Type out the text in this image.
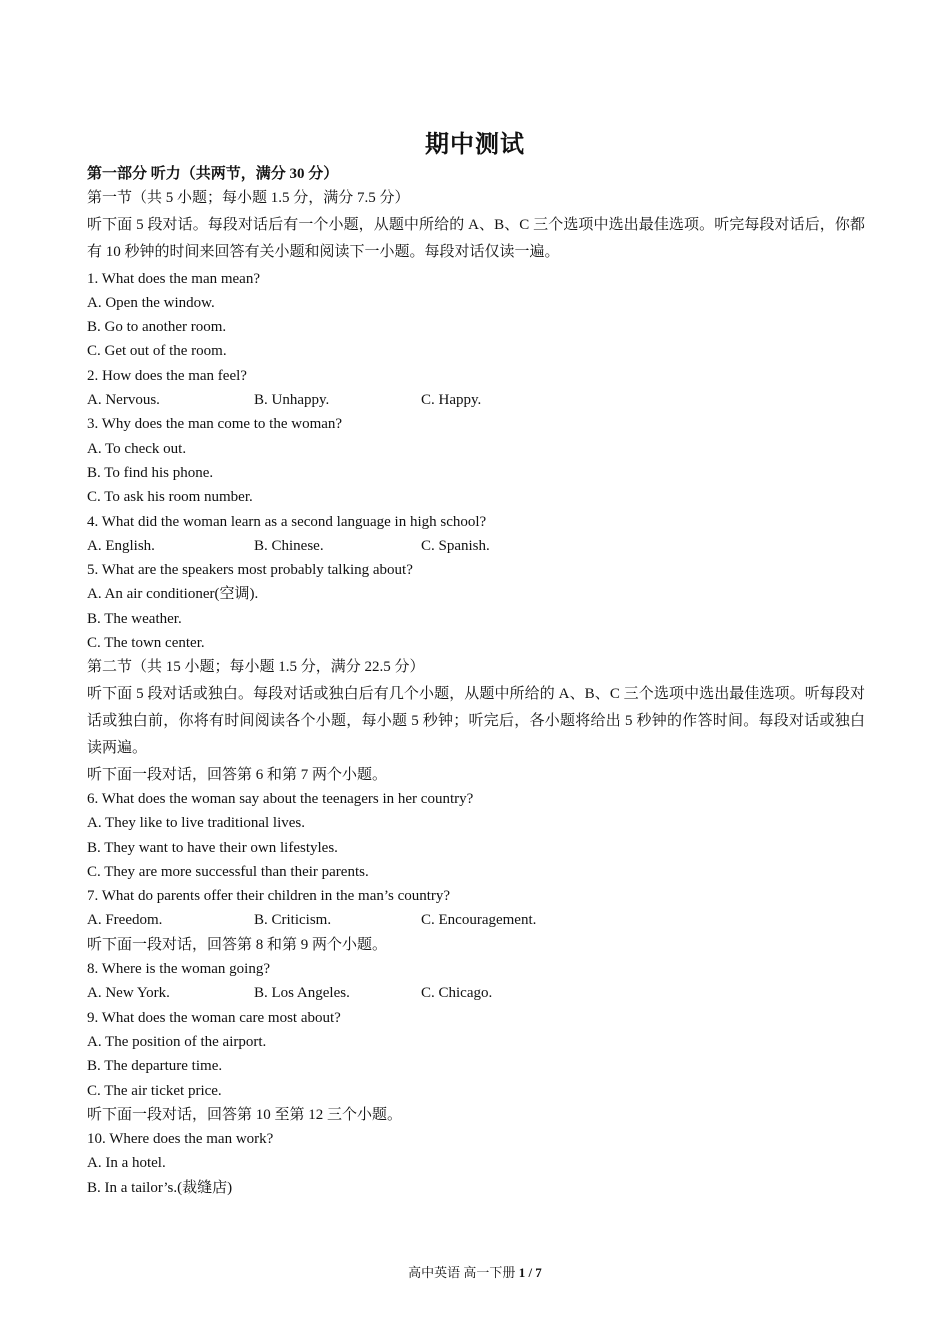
期中测试
第一部分 听力（共两节，满分 30 分）
第一节（共 5 小题；每小题 1.5 分，满分 7.5 分）
听下面 5 段对话。每段对话后有一个小题，从题中所给的 A、B、C 三个选项中选出最佳选项。听完每段对话后，你都有 10 秒钟的时间来回答有关小题和阅读下一小题。每段对话仅读一遍。
1. What does the man mean?
A. Open the window.
B. Go to another room.
C. Get out of the room.
2. How does the man feel?
A. Nervous.	B. Unhappy.	C. Happy.
3. Why does the man come to the woman?
A. To check out.
B. To find his phone.
C. To ask his room number.
4. What did the woman learn as a second language in high school?
A. English.	B. Chinese.	C. Spanish.
5. What are the speakers most probably talking about?
A. An air conditioner(空调).
B. The weather.
C. The town center.
第二节（共 15 小题；每小题 1.5 分，满分 22.5 分）
听下面 5 段对话或独白。每段对话或独白后有几个小题，从题中所给的 A、B、C 三个选项中选出最佳选项。听每段对话或独白前，你将有时间阅读各个小题，每小题 5 秒钟；听完后，各小题将给出 5 秒钟的作答时间。每段对话或独白读两遍。
听下面一段对话，回答第 6 和第 7 两个小题。
6. What does the woman say about the teenagers in her country?
A. They like to live traditional lives.
B. They want to have their own lifestyles.
C. They are more successful than their parents.
7. What do parents offer their children in the man’s country?
A. Freedom.	B. Criticism.	C. Encouragement.
听下面一段对话，回答第 8 和第 9 两个小题。
8. Where is the woman going?
A. New York.	B. Los Angeles.	C. Chicago.
9. What does the woman care most about?
A. The position of the airport.
B. The departure time.
C. The air ticket price.
听下面一段对话，回答第 10 至第 12 三个小题。
10. Where does the man work?
A. In a hotel.
B. In a tailor’s.(裁缝店)
高中英语 高一下册 1 / 7
